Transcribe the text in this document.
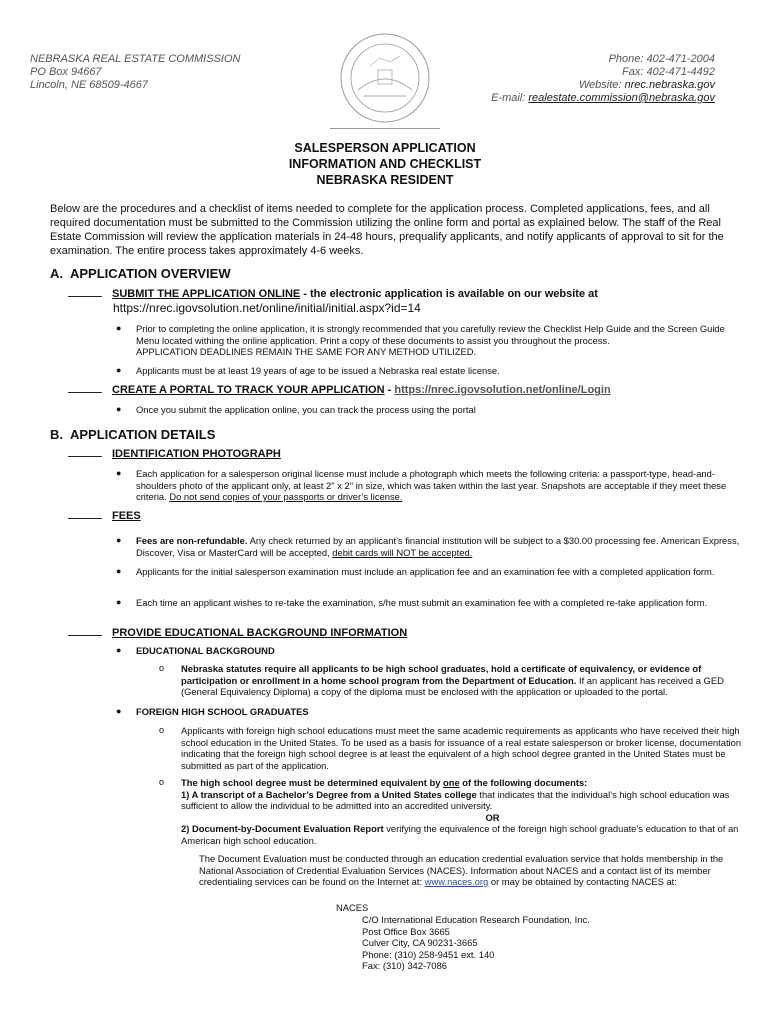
NEBRASKA REAL ESTATE COMMISSION
PO Box 94667
Lincoln, NE 68509-4667
Phone: 402-471-2004
Fax: 402-471-4492
Website: nrec.nebraska.gov
E-mail: realestate.commission@nebraska.gov
SALESPERSON APPLICATION
INFORMATION AND CHECKLIST
NEBRASKA RESIDENT
Below are the procedures and a checklist of items needed to complete for the application process. Completed applications, fees, and all required documentation must be submitted to the Commission utilizing the online form and portal as explained below. The staff of the Real Estate Commission will review the application materials in 24-48 hours, prequalify applicants, and notify applicants of approval to sit for the examination. The entire process takes approximately 4-6 weeks.
A. APPLICATION OVERVIEW
SUBMIT THE APPLICATION ONLINE - the electronic application is available on our website at
https://nrec.igovsolution.net/online/initial/initial.aspx?id=14
● Prior to completing the online application, it is strongly recommended that you carefully review the Checklist Help Guide and the Screen Guide Menu located withing the online application. Print a copy of these documents to assist you throughout the process.
APPLICATION DEADLINES REMAIN THE SAME FOR ANY METHOD UTILIZED.
● Applicants must be at least 19 years of age to be issued a Nebraska real estate license.
CREATE A PORTAL TO TRACK YOUR APPLICATION - https://nrec.igovsolution.net/online/Login
● Once you submit the application online, you can track the process using the portal
B. APPLICATION DETAILS
IDENTIFICATION PHOTOGRAPH
● Each application for a salesperson original license must include a photograph which meets the following criteria: a passport-type, head-and-shoulders photo of the applicant only, at least 2" x 2" in size, which was taken within the last year. Snapshots are acceptable if they meet these criteria. Do not send copies of your passports or driver’s license.
FEES
● Fees are non-refundable. Any check returned by an applicant’s financial institution will be subject to a $30.00 processing fee. American Express, Discover, Visa or MasterCard will be accepted, debit cards will NOT be accepted.
● Applicants for the initial salesperson examination must include an application fee and an examination fee with a completed application form.
● Each time an applicant wishes to re-take the examination, s/he must submit an examination fee with a completed re-take application form.
PROVIDE EDUCATIONAL BACKGROUND INFORMATION
● EDUCATIONAL BACKGROUND
o Nebraska statutes require all applicants to be high school graduates, hold a certificate of equivalency, or evidence of participation or enrollment in a home school program from the Department of Education. If an applicant has received a GED (General Equivalency Diploma) a copy of the diploma must be enclosed with the application or uploaded to the portal.
● FOREIGN HIGH SCHOOL GRADUATES
o Applicants with foreign high school educations must meet the same academic requirements as applicants who have received their high school education in the United States. To be used as a basis for issuance of a real estate salesperson or broker license, documentation indicating that the foreign high school degree is at least the equivalent of a high school degree granted in the United States must be submitted as part of the application.
o The high school degree must be determined equivalent by one of the following documents:
1) A transcript of a Bachelor’s Degree from a United States college that indicates that the individual’s high school education was sufficient to allow the individual to be admitted into an accredited university.
OR
2) Document-by-Document Evaluation Report verifying the equivalence of the foreign high school graduate’s education to that of an American high school education.
The Document Evaluation must be conducted through an education credential evaluation service that holds membership in the National Association of Credential Evaluation Services (NACES). Information about NACES and a contact list of its member credentialing services can be found on the Internet at: www.naces.org or may be obtained by contacting NACES at:
NACES
C/O International Education Research Foundation, Inc.
Post Office Box 3665
Culver City, CA 90231-3665
Phone: (310) 258-9451 ext. 140
Fax: (310) 342-7086
